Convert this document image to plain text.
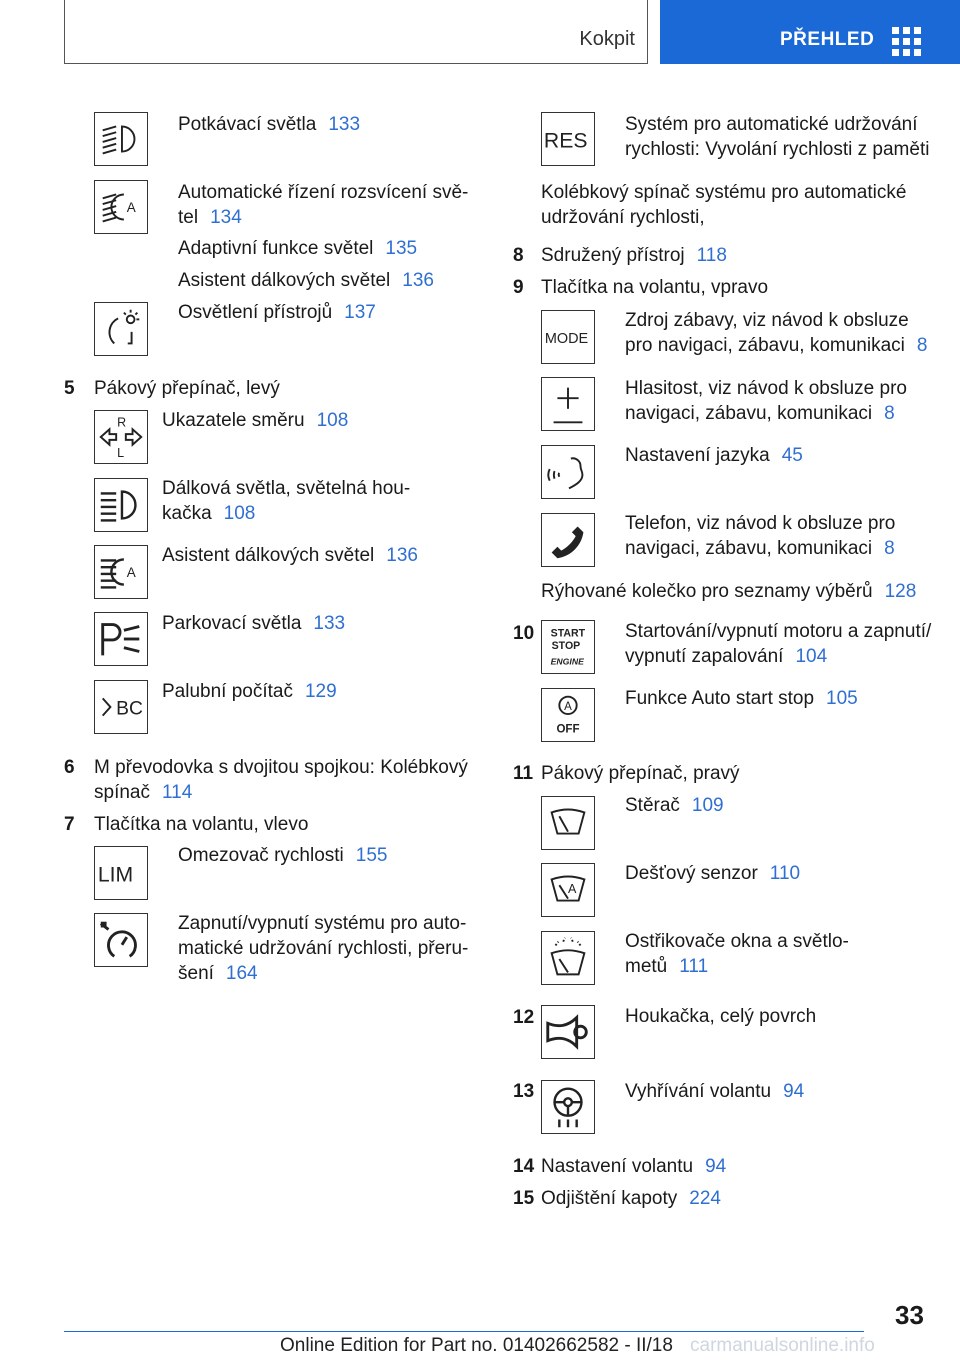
Kokpit	PŘEHLED
Potkávací světla 133
A
Automatické řízení rozsvícení svě-
tel 134
Adaptivní funkce světel 135
Asistent dálkových světel 136
Osvětlení přístrojů 137
5 Pákový přepínač, levý
R
L
Ukazatele směru 108
Dálková světla, světelná hou-
kačka 108
A
Asistent dálkových světel 136
Parkovací světla 133
BC
Palubní počítač 129
6 M převodovka s dvojitou spojkou: Kolébkový
spínač 114
7 Tlačítka na volantu, vlevo
LIM
Omezovač rychlosti 155
Zapnutí/vypnutí systému pro auto-
matické udržování rychlosti, přeru-
šení 164
RES
Systém pro automatické udržování
rychlosti: Vyvolání rychlosti z paměti
Kolébkový spínač systému pro automatické
udržování rychlosti,
8 Sdružený přístroj 118
9 Tlačítka na volantu, vpravo
MODE
Zdroj zábavy, viz návod k obsluze
pro navigaci, zábavu, komunikaci 8
Hlasitost, viz návod k obsluze pro
navigaci, zábavu, komunikaci 8
Nastavení jazyka 45
Telefon, viz návod k obsluze pro
navigaci, zábavu, komunikaci 8
Rýhované kolečko pro seznamy výběrů 128
10 START
STOP
ENGINE
Startování/vypnutí motoru a zapnutí/
vypnutí zapalování 104
A
OFF
Funkce Auto start stop 105
11 Pákový přepínač, pravý
Stěrač 109
A
Dešťový senzor 110
Ostřikovače okna a světlo-
metů 111
12	Houkačka, celý povrch
13	Vyhřívání volantu 94
14 Nastavení volantu 94
15 Odjištění kapoty 224
33
Online Edition for Part no. 01402662582 - II/18 carmanualsonline.info
